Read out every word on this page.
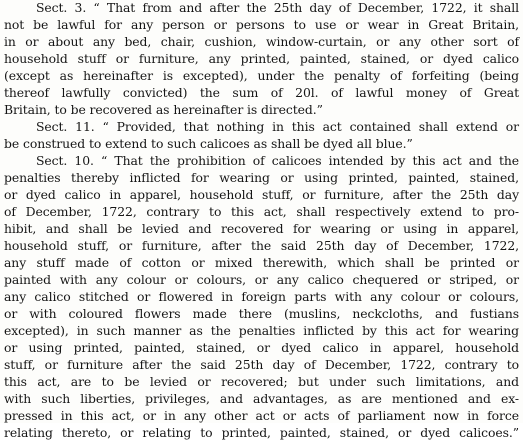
Sect. 3. “ That from and after the 25th day of December, 1722, it shall
not be lawful for any person or persons to use or wear in Great Britain,
in or about any bed, chair, cushion, window-curtain, or any other sort of
household stuff or furniture, any printed, painted, stained, or dyed calico
(except as hereinafter is excepted), under the penalty of forfeiting (being
thereof lawfully convicted) the sum of 20l. of lawful money of Great
Britain, to be recovered as hereinafter is directed.”
Sect. 11. “ Provided, that nothing in this act contained shall extend or
be construed to extend to such calicoes as shall be dyed all blue.”
Sect. 10. “ That the prohibition of calicoes intended by this act and the
penalties thereby inflicted for wearing or using printed, painted, stained,
or dyed calico in apparel, household stuff, or furniture, after the 25th day
of December, 1722, contrary to this act, shall respectively extend to pro-
hibit, and shall be levied and recovered for wearing or using in apparel,
household stuff, or furniture, after the said 25th day of December, 1722,
any stuff made of cotton or mixed therewith, which shall be printed or
painted with any colour or colours, or any calico chequered or striped, or
any calico stitched or flowered in foreign parts with any colour or colours,
or with coloured flowers made there (muslins, neckcloths, and fustians
excepted), in such manner as the penalties inflicted by this act for wearing
or using printed, painted, stained, or dyed calico in apparel, household
stuff, or furniture after the said 25th day of December, 1722, contrary to
this act, are to be levied or recovered; but under such limitations, and
with such liberties, privileges, and advantages, as are mentioned and ex-
pressed in this act, or in any other act or acts of parliament now in force
relating thereto, or relating to printed, painted, stained, or dyed calicoes.”
